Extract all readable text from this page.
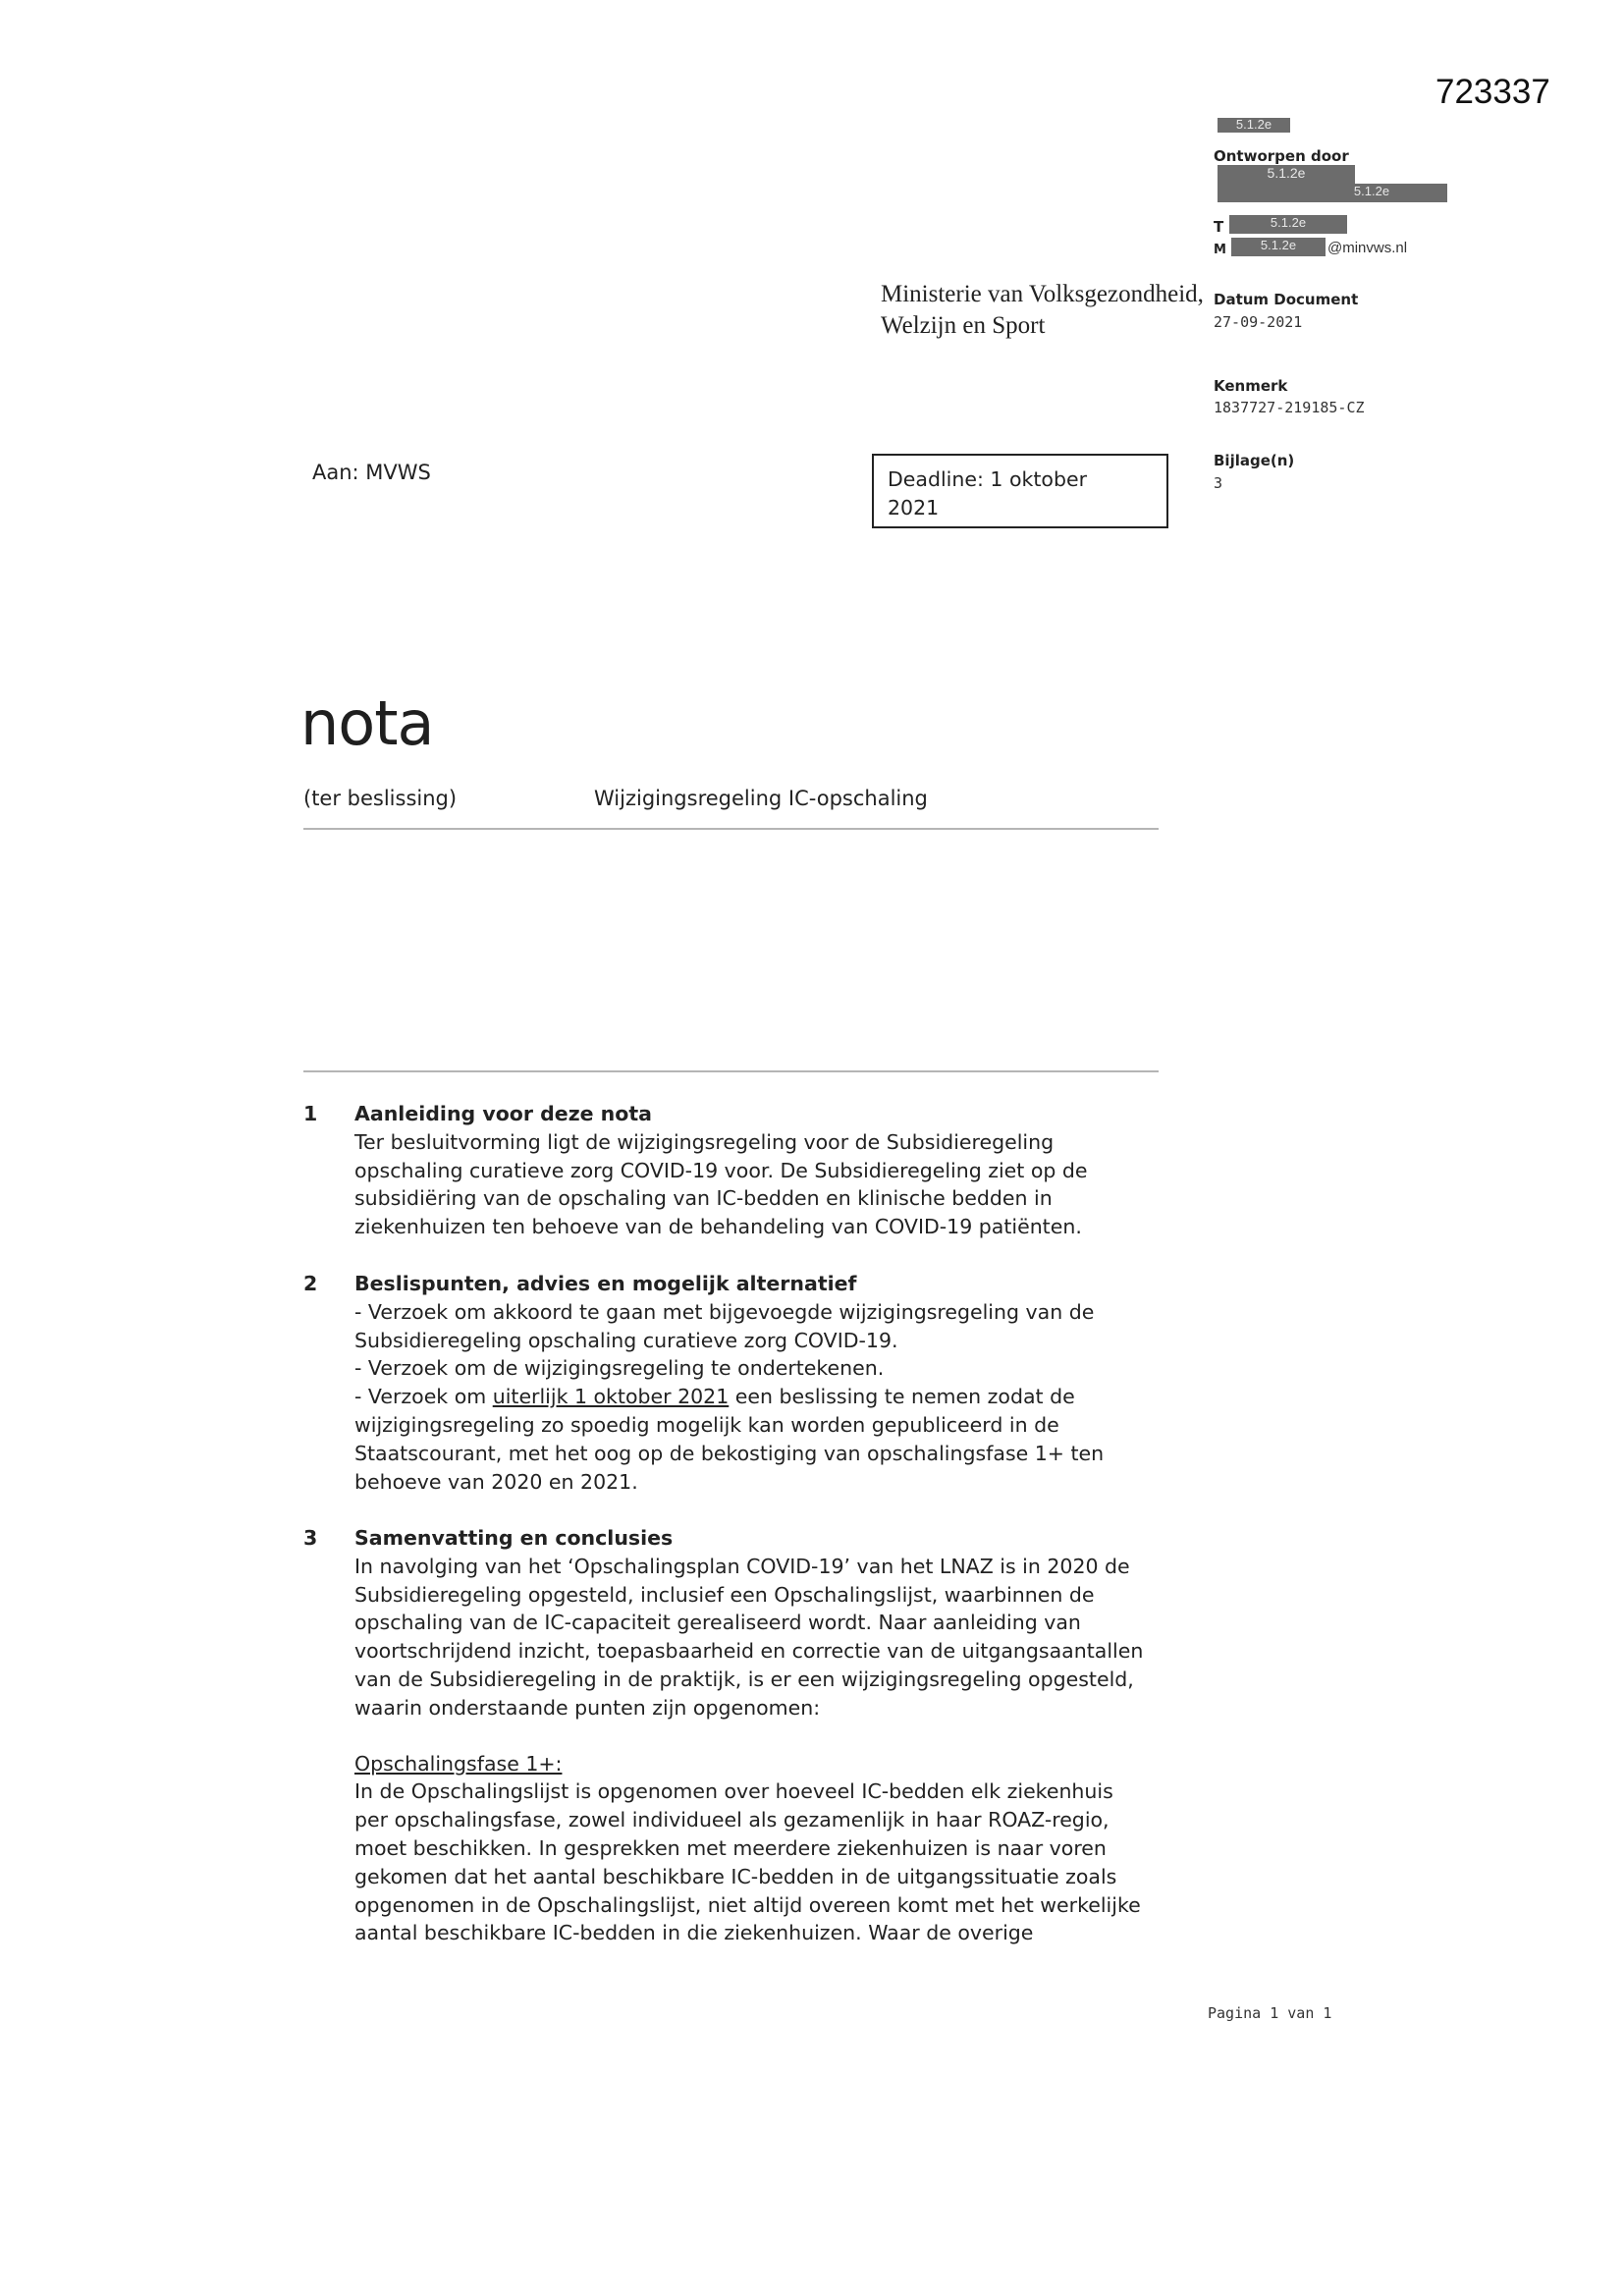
723337
5.1.2e
Ontworpen door
5.1.2e
5.1.2e
T	5.1.2e
M	5.1.2e	@minvws.nl
Datum Document
27-09-2021
Kenmerk
1837727-219185-CZ
Bijlage(n)
3
Ministerie van Volksgezondheid,
Welzijn en Sport
Aan: MVWS	Deadline: 1 oktober
2021
nota
(ter beslissing)	Wijzigingsregeling IC-opschaling
1 Aanleiding voor deze nota
Ter besluitvorming ligt de wijzigingsregeling voor de Subsidieregeling
opschaling curatieve zorg COVID-19 voor. De Subsidieregeling ziet op de
subsidiëring van de opschaling van IC-bedden en klinische bedden in
ziekenhuizen ten behoeve van de behandeling van COVID-19 patiënten.
2 Beslispunten, advies en mogelijk alternatief
- Verzoek om akkoord te gaan met bijgevoegde wijzigingsregeling van de
Subsidieregeling opschaling curatieve zorg COVID-19.
- Verzoek om de wijzigingsregeling te ondertekenen.
- Verzoek om uiterlijk 1 oktober 2021 een beslissing te nemen zodat de
wijzigingsregeling zo spoedig mogelijk kan worden gepubliceerd in de
Staatscourant, met het oog op de bekostiging van opschalingsfase 1+ ten
behoeve van 2020 en 2021.
3 Samenvatting en conclusies
In navolging van het ‘Opschalingsplan COVID-19’ van het LNAZ is in 2020 de
Subsidieregeling opgesteld, inclusief een Opschalingslijst, waarbinnen de
opschaling van de IC-capaciteit gerealiseerd wordt. Naar aanleiding van
voortschrijdend inzicht, toepasbaarheid en correctie van de uitgangsaantallen
van de Subsidieregeling in de praktijk, is er een wijzigingsregeling opgesteld,
waarin onderstaande punten zijn opgenomen:
Opschalingsfase 1+:
In de Opschalingslijst is opgenomen over hoeveel IC-bedden elk ziekenhuis
per opschalingsfase, zowel individueel als gezamenlijk in haar ROAZ-regio,
moet beschikken. In gesprekken met meerdere ziekenhuizen is naar voren
gekomen dat het aantal beschikbare IC-bedden in de uitgangssituatie zoals
opgenomen in de Opschalingslijst, niet altijd overeen komt met het werkelijke
aantal beschikbare IC-bedden in die ziekenhuizen. Waar de overige
Pagina 1 van 1
